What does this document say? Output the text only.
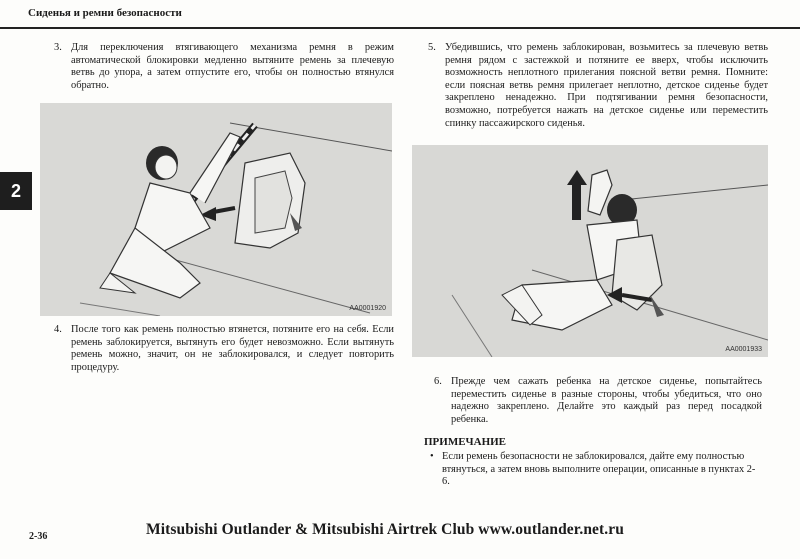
Сиденья и ремни безопасности
2
3. Для переключения втягивающего механизма ремня в режим автоматической блокировки медленно вытяните ремень за плечевую ветвь до упора, а затем отпустите его, чтобы он полностью втянулся обратно.
AA0001920
4. После того как ремень полностью втянется, потяните его на себя. Если ремень заблокируется, вытянуть его будет невозможно. Если вытянуть ремень можно, значит, он не заблокировался, и следует повторить процедуру.
5. Убедившись, что ремень заблокирован, возьмитесь за плечевую ветвь ремня рядом с застежкой и потяните ее вверх, чтобы исключить возможность неплотного прилегания поясной ветви ремня. Помните: если поясная ветвь ремня прилегает неплотно, детское сиденье будет закреплено ненадежно. При подтягивании ремня безопасности, возможно, потребуется нажать на детское сиденье или переместить спинку пассажирского сиденья.
AA0001933
6. Прежде чем сажать ребенка на детское сиденье, попытайтесь переместить сиденье в разные стороны, чтобы убедиться, что оно надежно закреплено. Делайте это каждый раз перед посадкой ребенка.
ПРИМЕЧАНИЕ
• Если ремень безопасности не заблокировался, дайте ему полностью втянуться, а затем вновь выполните операции, описанные в пунктах 2-6.
2-36	Mitsubishi Outlander & Mitsubishi Airtrek Club www.outlander.net.ru
